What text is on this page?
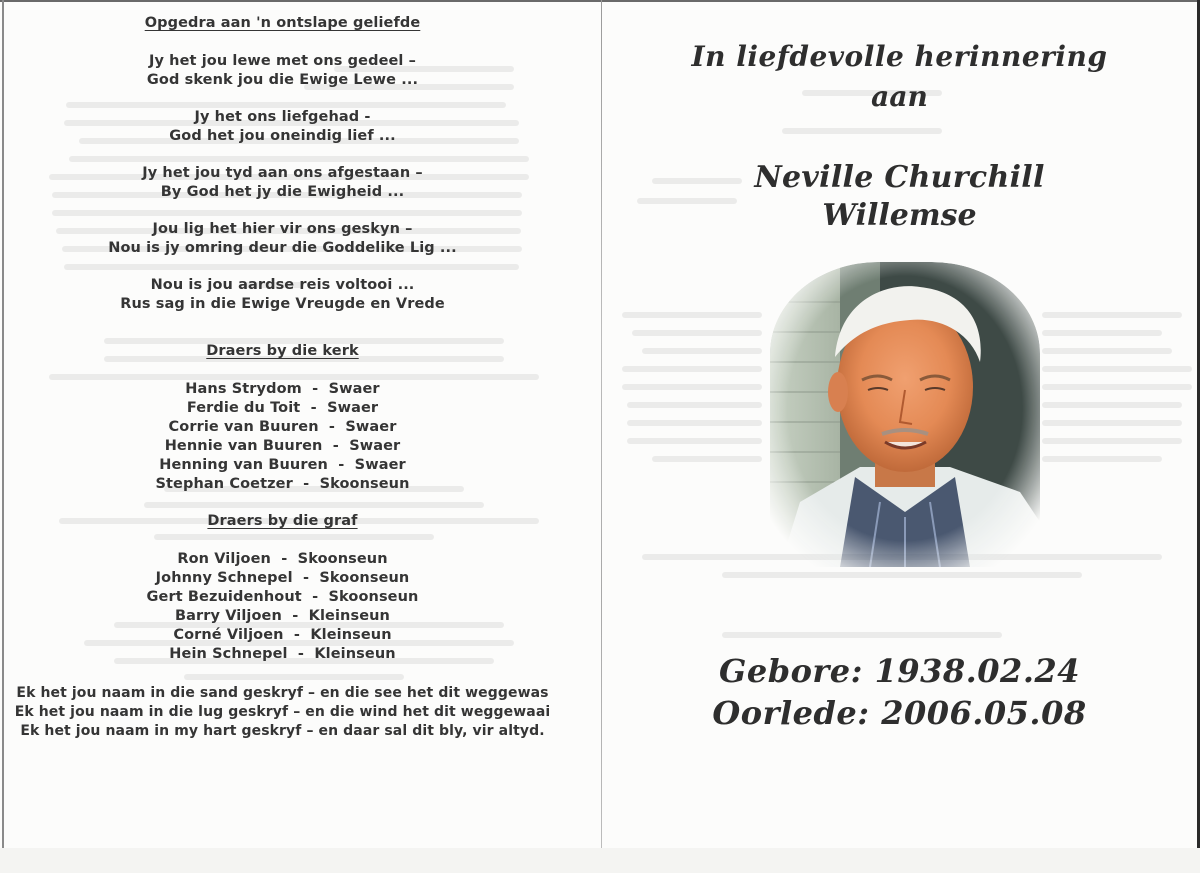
Opgedra aan 'n ontslape geliefde
Jy het jou lewe met ons gedeel –
God skenk jou die Ewige Lewe ...
Jy het ons liefgehad -
God het jou oneindig lief ...
Jy het jou tyd aan ons afgestaan –
By God het jy die Ewigheid ...
Jou lig het hier vir ons geskyn –
Nou is jy omring deur die Goddelike Lig ...
Nou is jou aardse reis voltooi ...
Rus sag in die Ewige Vreugde en Vrede
Draers by die kerk
Hans Strydom  -  Swaer
Ferdie du Toit  -  Swaer
Corrie van Buuren  -  Swaer
Hennie van Buuren  -  Swaer
Henning van Buuren  -  Swaer
Stephan Coetzer  -  Skoonseun
Draers by die graf
Ron Viljoen  -  Skoonseun
Johnny Schnepel  -  Skoonseun
Gert Bezuidenhout  -  Skoonseun
Barry Viljoen  -  Kleinseun
Corné Viljoen  -  Kleinseun
Hein Schnepel  -  Kleinseun
Ek het jou naam in die sand geskryf – en die see het dit weggewas
Ek het jou naam in die lug geskryf – en die wind het dit weggewaai
Ek het jou naam in my hart geskryf – en daar sal dit bly, vir altyd.
In liefdevolle herinnering
aan
Neville Churchill
Willemse
Gebore: 1938.02.24
Oorlede: 2006.05.08
